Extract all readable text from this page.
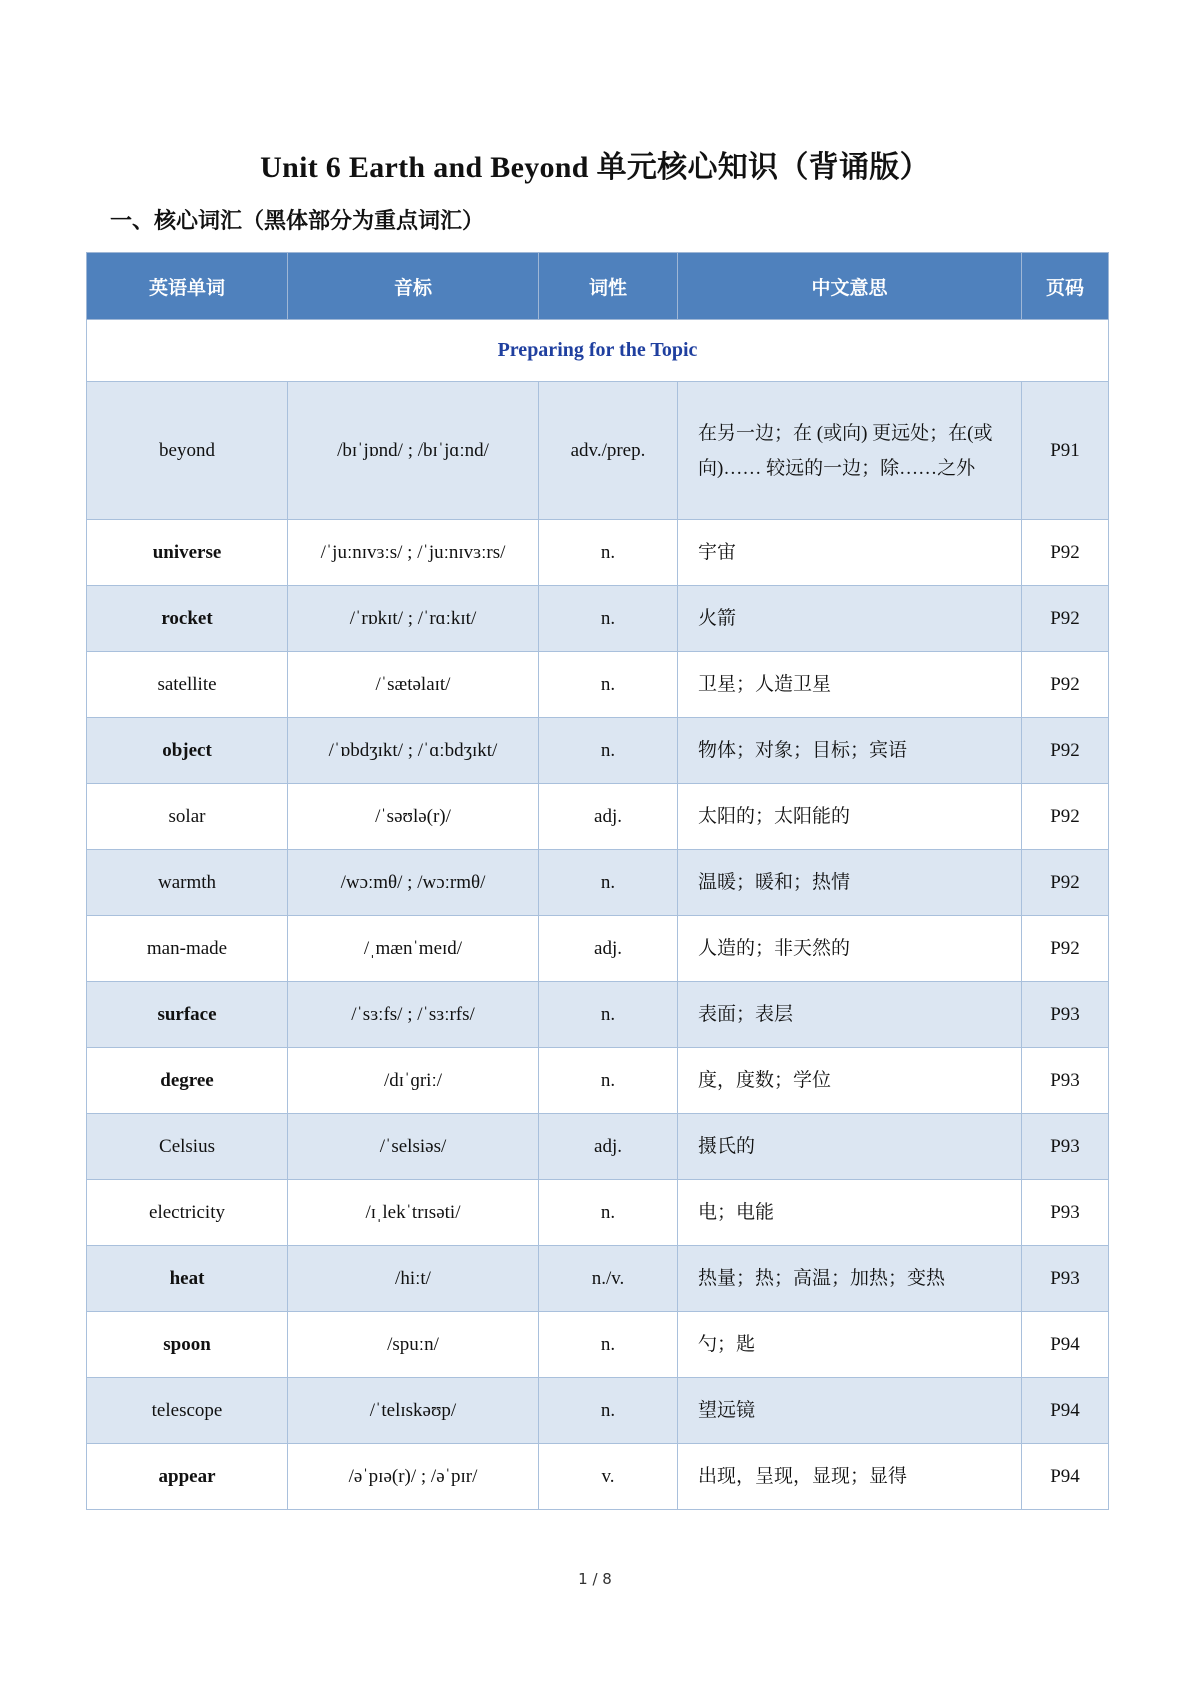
Unit 6 Earth and Beyond 单元核心知识（背诵版）
一、核心词汇（黑体部分为重点词汇）
英语单词	音标	词性	中文意思	页码
Preparing for the Topic				
beyond	/bɪˈjɒnd/ ; /bɪˈjɑːnd/	adv./prep.	在另一边；在 (或向) 更远处；在(或向)…… 较远的一边；除……之外	P91
universe	/ˈjuːnɪvɜːs/ ; /ˈjuːnɪvɜːrs/	n.	宇宙	P92
rocket	/ˈrɒkɪt/ ; /ˈrɑːkɪt/	n.	火箭	P92
satellite	/ˈsætəlaɪt/	n.	卫星；人造卫星	P92
object	/ˈɒbdʒɪkt/ ; /ˈɑːbdʒɪkt/	n.	物体；对象；目标；宾语	P92
solar	/ˈsəʊlə(r)/	adj.	太阳的；太阳能的	P92
warmth	/wɔːmθ/ ; /wɔːrmθ/	n.	温暖；暖和；热情	P92
man-made	/ˌmænˈmeɪd/	adj.	人造的；非天然的	P92
surface	/ˈsɜːfs/ ; /ˈsɜːrfs/	n.	表面；表层	P93
degree	/dɪˈɡriː/	n.	度，度数；学位	P93
Celsius	/ˈselsiəs/	adj.	摄氏的	P93
electricity	/ɪˌlekˈtrɪsəti/	n.	电；电能	P93
heat	/hiːt/	n./v.	热量；热；高温；加热；变热	P93
spoon	/spuːn/	n.	勺；匙	P94
telescope	/ˈtelɪskəʊp/	n.	望远镜	P94
appear	/əˈpɪə(r)/ ; /əˈpɪr/	v.	出现，呈现，显现；显得	P94
1 / 8
